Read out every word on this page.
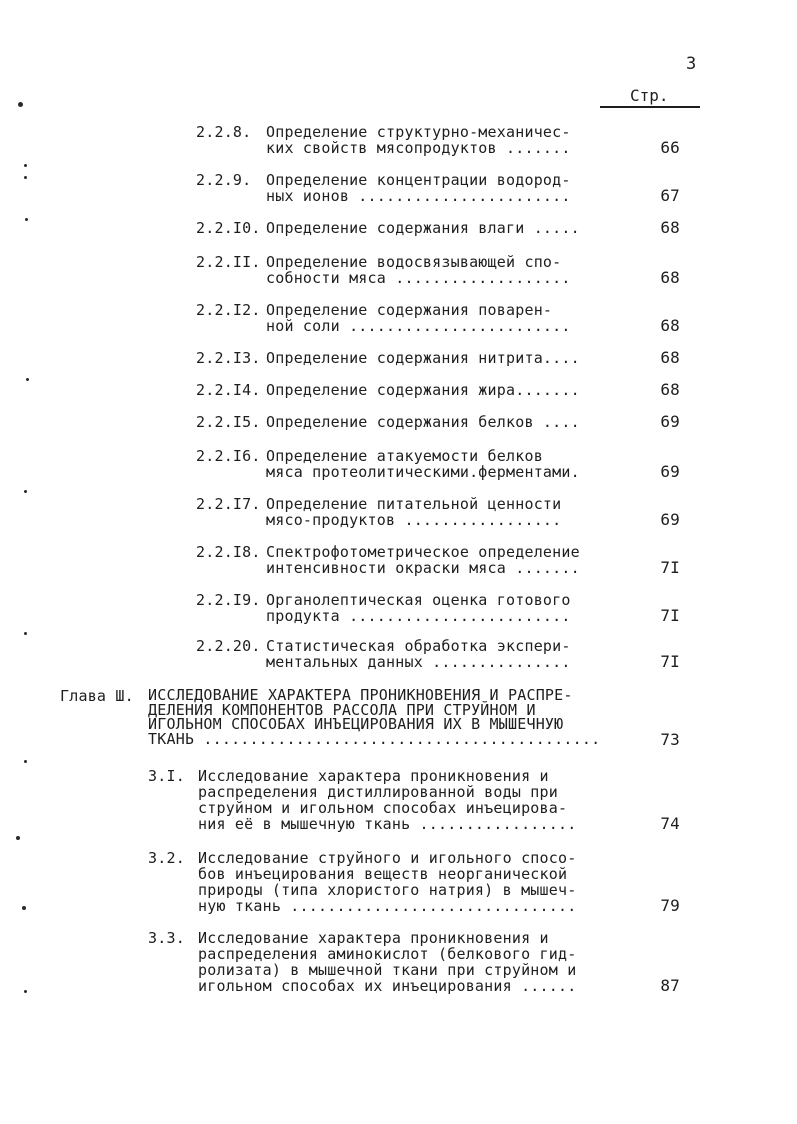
3
Стр.
2.2.8. Определение структурно-механичес-
ких свойств мясопродуктов .......	66
2.2.9. Определение концентрации водород-
ных ионов .......................	67
2.2.I0. Определение содержания влаги .....	68
2.2.II. Определение водосвязывающей спо-
собности мяса ...................	68
2.2.I2. Определение содержания поварен-
ной соли ........................	68
2.2.I3. Определение содержания нитрита....	68
2.2.I4. Определение содержания жира.......	68
2.2.I5. Определение содержания белков ....	69
2.2.I6. Определение атакуемости белков
мяса протеолитическими.ферментами.	69
2.2.I7. Определение питательной ценности
мясо-продуктов .................	69
2.2.I8. Спектрофотометрическое определение
интенсивности окраски мяса .......	7I
2.2.I9. Органолептическая оценка готового
продукта ........................	7I
2.2.20. Статистическая обработка экспери-
ментальных данных ...............	7I
Глава Ш. ИССЛЕДОВАНИЕ ХАРАКТЕРА ПРОНИКНОВЕНИЯ И РАСПРЕ-
ДЕЛЕНИЯ КОМПОНЕНТОВ РАССОЛА ПРИ СТРУЙНОМ И
ИГОЛЬНОМ СПОСОБАХ ИНЪЕЦИРОВАНИЯ ИХ В МЫШЕЧНУЮ
ТКАНЬ ...........................................	73
3.I. Исследование характера проникновения и
распределения дистиллированной воды при
струйном и игольном способах инъецирова-
ния её в мышечную ткань .................	74
3.2. Исследование струйного и игольного спосо-
бов инъецирования веществ неорганической
природы (типа хлористого натрия) в мышеч-
ную ткань ...............................	79
3.3. Исследование характера проникновения и
распределения аминокислот (белкового гид-
ролизата) в мышечной ткани при струйном и
игольном способах их инъецирования ......	87
